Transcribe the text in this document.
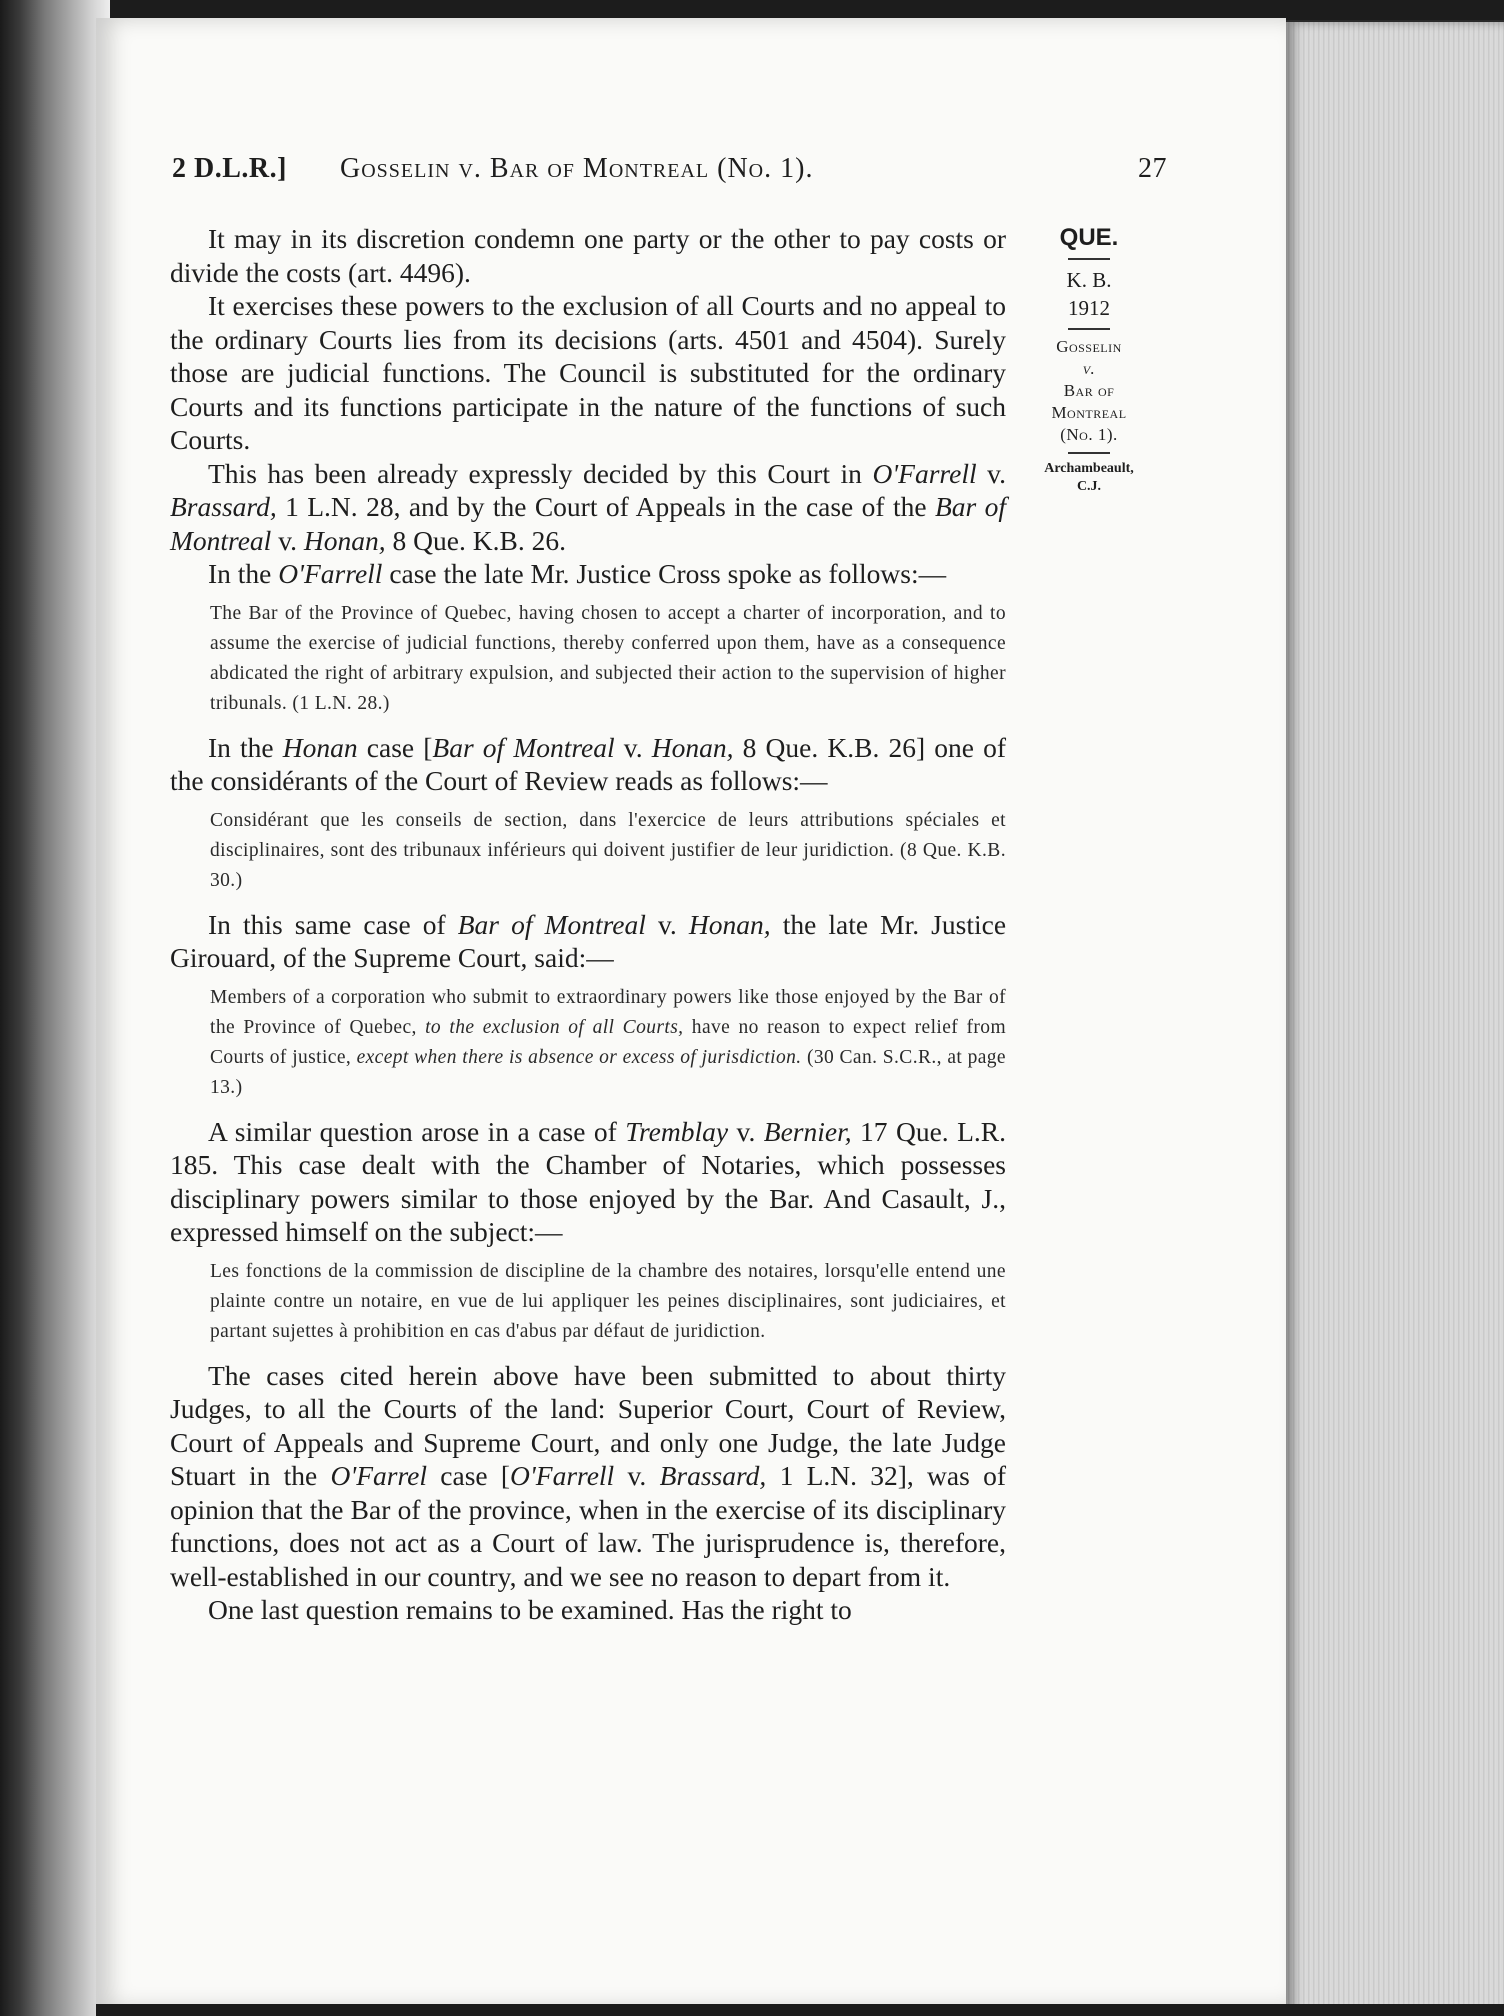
2 D.L.R.] Gosselin v. Bar of Montreal (No. 1).	27
QUE.
K. B.
1912
Gosselin
v.
Bar of
Montreal
(No. 1).
Archambeault,
C.J.

It may in its discretion condemn one party or the other to pay costs or divide the costs (art. 4496).

It exercises these powers to the exclusion of all Courts and no appeal to the ordinary Courts lies from its decisions (arts. 4501 and 4504). Surely those are judicial functions. The Council is substituted for the ordinary Courts and its functions participate in the nature of the functions of such Courts.

This has been already expressly decided by this Court in O'Farrell v. Brassard, 1 L.N. 28, and by the Court of Appeals in the case of the Bar of Montreal v. Honan, 8 Que. K.B. 26.

In the O'Farrell case the late Mr. Justice Cross spoke as follows:—

The Bar of the Province of Quebec, having chosen to accept a charter of incorporation, and to assume the exercise of judicial functions, thereby conferred upon them, have as a consequence abdicated the right of arbitrary expulsion, and subjected their action to the supervision of higher tribunals. (1 L.N. 28.)

In the Honan case [Bar of Montreal v. Honan, 8 Que. K.B. 26] one of the considérants of the Court of Review reads as follows:—

Considérant que les conseils de section, dans l'exercice de leurs attributions spéciales et disciplinaires, sont des tribunaux inférieurs qui doivent justifier de leur juridiction. (8 Que. K.B. 30.)

In this same case of Bar of Montreal v. Honan, the late Mr. Justice Girouard, of the Supreme Court, said:—

Members of a corporation who submit to extraordinary powers like those enjoyed by the Bar of the Province of Quebec, to the exclusion of all Courts, have no reason to expect relief from Courts of justice, except when there is absence or excess of jurisdiction. (30 Can. S.C.R., at page 13.)

A similar question arose in a case of Tremblay v. Bernier, 17 Que. L.R. 185. This case dealt with the Chamber of Notaries, which possesses disciplinary powers similar to those enjoyed by the Bar. And Casault, J., expressed himself on the subject:—

Les fonctions de la commission de discipline de la chambre des notaires, lorsqu'elle entend une plainte contre un notaire, en vue de lui appliquer les peines disciplinaires, sont judiciaires, et partant sujettes à prohibition en cas d'abus par défaut de juridiction.

The cases cited herein above have been submitted to about thirty Judges, to all the Courts of the land: Superior Court, Court of Review, Court of Appeals and Supreme Court, and only one Judge, the late Judge Stuart in the O'Farrel case [O'Farrell v. Brassard, 1 L.N. 32], was of opinion that the Bar of the province, when in the exercise of its disciplinary functions, does not act as a Court of law. The jurisprudence is, therefore, well-established in our country, and we see no reason to depart from it.

One last question remains to be examined. Has the right to
